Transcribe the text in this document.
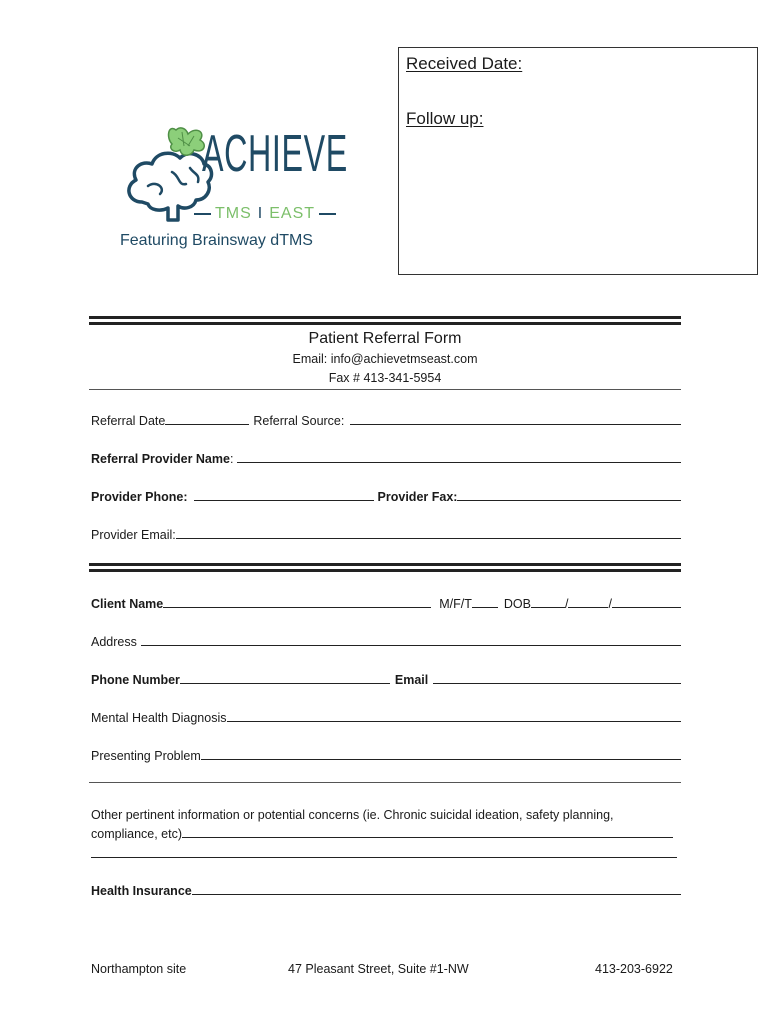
Received Date:
Follow up:
ACHIEVE
TMS I EAST
Featuring Brainsway dTMS
Patient Referral Form
Email: info@achievetmseast.com
Fax # 413-341-5954
Referral Date	Referral Source:
Referral Provider Name :
Provider Phone:	Provider Fax:
Provider Email:
Client Name	M/F/T	DOB	/	/
Address
Phone Number	Email
Mental Health Diagnosis
Presenting Problem
Other pertinent information or potential concerns (ie. Chronic suicidal ideation, safety planning,
compliance, etc)
Health Insurance
Northampton site	47 Pleasant Street, Suite #1-NW	413-203-6922
